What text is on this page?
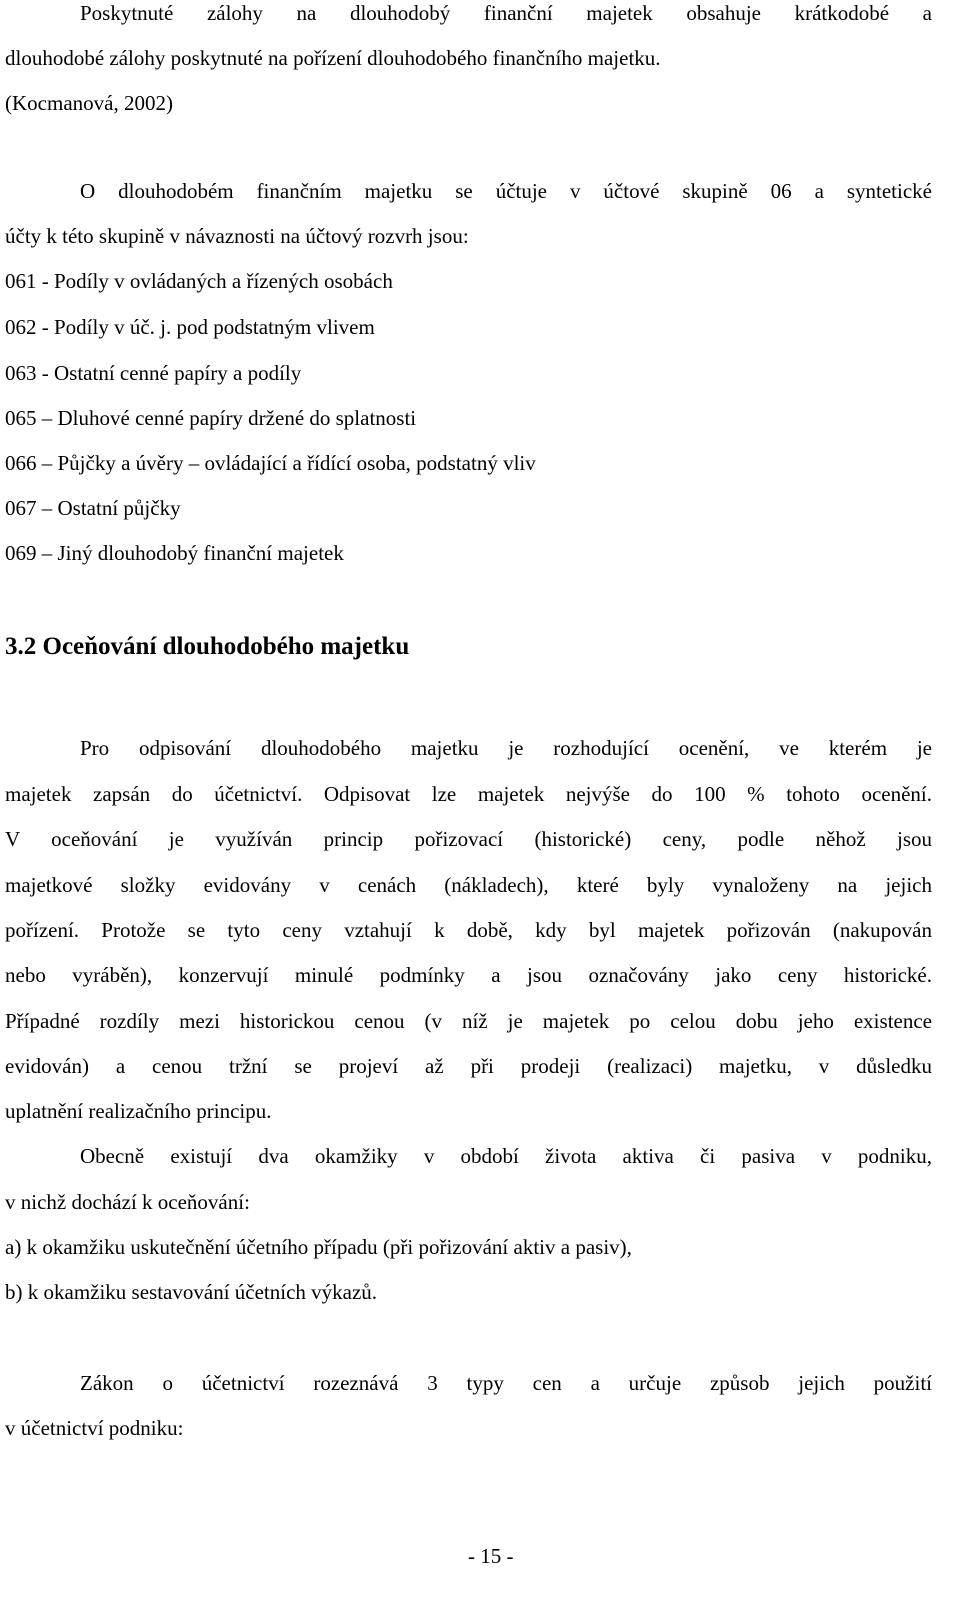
Poskytnuté zálohy na dlouhodobý finanční majetek obsahuje krátkodobé a
dlouhodobé zálohy poskytnuté na pořízení dlouhodobého finančního majetku.
(Kocmanová, 2002)
O dlouhodobém finančním majetku se účtuje v účtové skupině 06 a syntetické
účty k této skupině v návaznosti na účtový rozvrh jsou:
061 - Podíly v ovládaných a řízených osobách
062 - Podíly v úč. j. pod podstatným vlivem
063 - Ostatní cenné papíry a podíly
065 – Dluhové cenné papíry držené do splatnosti
066 – Půjčky a úvěry – ovládající a řídící osoba, podstatný vliv
067 – Ostatní půjčky
069 – Jiný dlouhodobý finanční majetek
3.2 Oceňování dlouhodobého majetku
Pro odpisování dlouhodobého majetku je rozhodující ocenění, ve kterém je
majetek zapsán do účetnictví. Odpisovat lze majetek nejvýše do 100 % tohoto ocenění.
V oceňování je využíván princip pořizovací (historické) ceny, podle něhož jsou
majetkové složky evidovány v cenách (nákladech), které byly vynaloženy na jejich
pořízení. Protože se tyto ceny vztahují k době, kdy byl majetek pořizován (nakupován
nebo vyráběn), konzervují minulé podmínky a jsou označovány jako ceny historické.
Případné rozdíly mezi historickou cenou (v níž je majetek po celou dobu jeho existence
evidován) a cenou tržní se projeví až při prodeji (realizaci) majetku, v důsledku
uplatnění realizačního principu.
Obecně existují dva okamžiky v období života aktiva či pasiva v podniku,
v nichž dochází k oceňování:
a) k okamžiku uskutečnění účetního případu (při pořizování aktiv a pasiv),
b) k okamžiku sestavování účetních výkazů.
Zákon o účetnictví rozeznává 3 typy cen a určuje způsob jejich použití
v účetnictví podniku:
- 15 -
